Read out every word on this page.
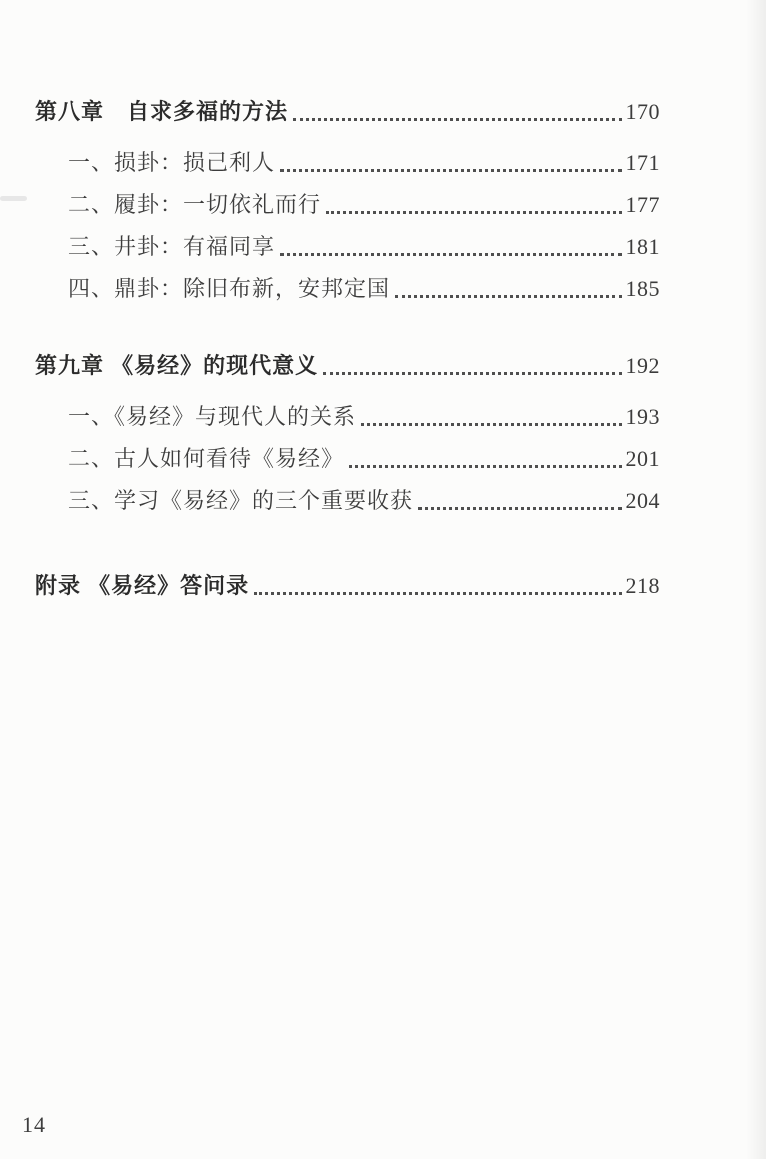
第八章　自求多福的方法	170
一、损卦：损己利人	171
二、履卦：一切依礼而行	177
三、井卦：有福同享	181
四、鼎卦：除旧布新，安邦定国	185
第九章 《易经》的现代意义	192
一、《易经》与现代人的关系	193
二、古人如何看待《易经》	201
三、学习《易经》的三个重要收获	204
附录 《易经》答问录	218
14
